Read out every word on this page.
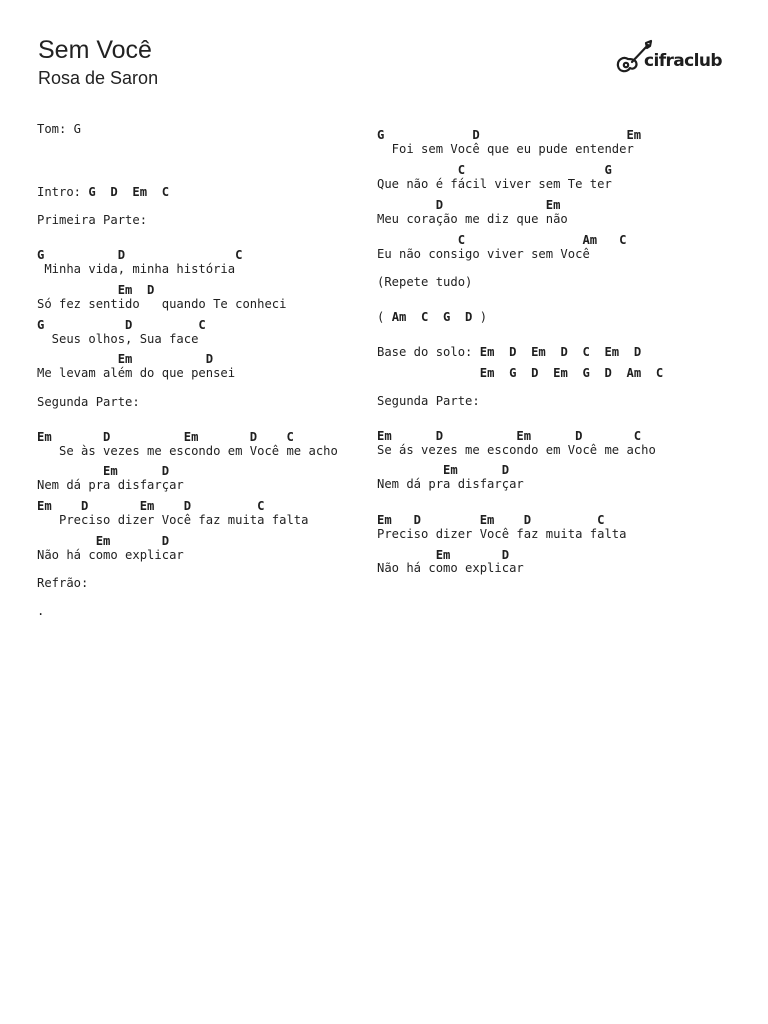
Sem Você
Rosa de Saron
cifraclub
Tom: G
Intro: G  D  Em  C
Primeira Parte:
G          D               C
Minha vida, minha história
Em  D
Só fez sentido   quando Te conheci
G           D         C
Seus olhos, Sua face
Em          D
Me levam além do que pensei
Segunda Parte:
Em       D          Em       D    C
Se às vezes me escondo em Você me acho
Em      D
Nem dá pra disfarçar
Em    D       Em    D         C
Preciso dizer Você faz muita falta
Em       D
Não há como explicar
Refrão:
.
G            D                    Em
Foi sem Você que eu pude entender
C                   G
Que não é fácil viver sem Te ter
D              Em
Meu coração me diz que não
C                Am   C
Eu não consigo viver sem Você
(Repete tudo)
( Am  C  G  D )
Base do solo: Em  D  Em  D  C  Em  D
Em  G  D  Em  G  D  Am  C
Segunda Parte:
Em      D          Em      D       C
Se ás vezes me escondo em Você me acho
Em      D
Nem dá pra disfarçar
Em   D        Em    D         C
Preciso dizer Você faz muita falta
Em       D
Não há como explicar
